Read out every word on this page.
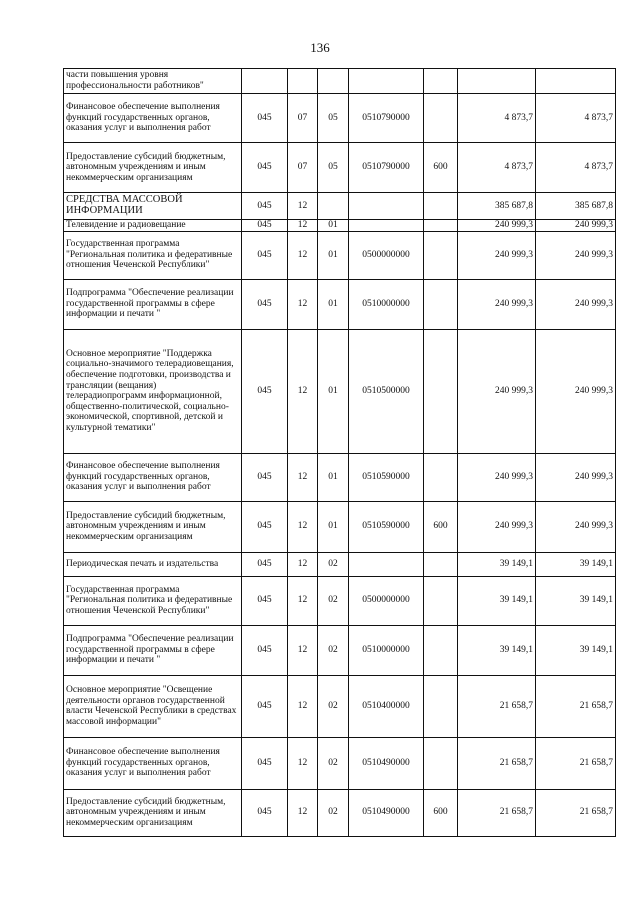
136
части повышения уровня профессиональности работников"							
Финансовое обеспечение выполнения функций государственных органов, оказания услуг и выполнения работ	045	07	05	0510790000		4 873,7	4 873,7
Предоставление субсидий бюджетным, автономным учреждениям и иным некоммерческим организациям	045	07	05	0510790000	600	4 873,7	4 873,7
СРЕДСТВА МАССОВОЙ ИНФОРМАЦИИ	045	12				385 687,8	385 687,8
Телевидение и радиовещание	045	12	01			240 999,3	240 999,3
Государственная программа "Региональная политика и федеративные отношения Чеченской Республики"	045	12	01	0500000000		240 999,3	240 999,3
Подпрограмма "Обеспечение реализации государственной программы в сфере информации и печати "	045	12	01	0510000000		240 999,3	240 999,3
Основное мероприятие "Поддержка социально-значимого телерадиовещания, обеспечение подготовки, производства и трансляции (вещания) телерадиопрограмм информационной, общественно-политической, социально-экономической, спортивной, детской и культурной тематики"	045	12	01	0510500000		240 999,3	240 999,3
Финансовое обеспечение выполнения функций государственных органов, оказания услуг и выполнения работ	045	12	01	0510590000		240 999,3	240 999,3
Предоставление субсидий бюджетным, автономным учреждениям и иным некоммерческим организациям	045	12	01	0510590000	600	240 999,3	240 999,3
Периодическая печать и издательства	045	12	02			39 149,1	39 149,1
Государственная программа "Региональная политика и федеративные отношения Чеченской Республики"	045	12	02	0500000000		39 149,1	39 149,1
Подпрограмма "Обеспечение реализации государственной программы в сфере информации и печати "	045	12	02	0510000000		39 149,1	39 149,1
Основное мероприятие "Освещение деятельности органов государственной власти Чеченской Республики в средствах массовой информации"	045	12	02	0510400000		21 658,7	21 658,7
Финансовое обеспечение выполнения функций государственных органов, оказания услуг и выполнения работ	045	12	02	0510490000		21 658,7	21 658,7
Предоставление субсидий бюджетным, автономным учреждениям и иным некоммерческим организациям	045	12	02	0510490000	600	21 658,7	21 658,7
